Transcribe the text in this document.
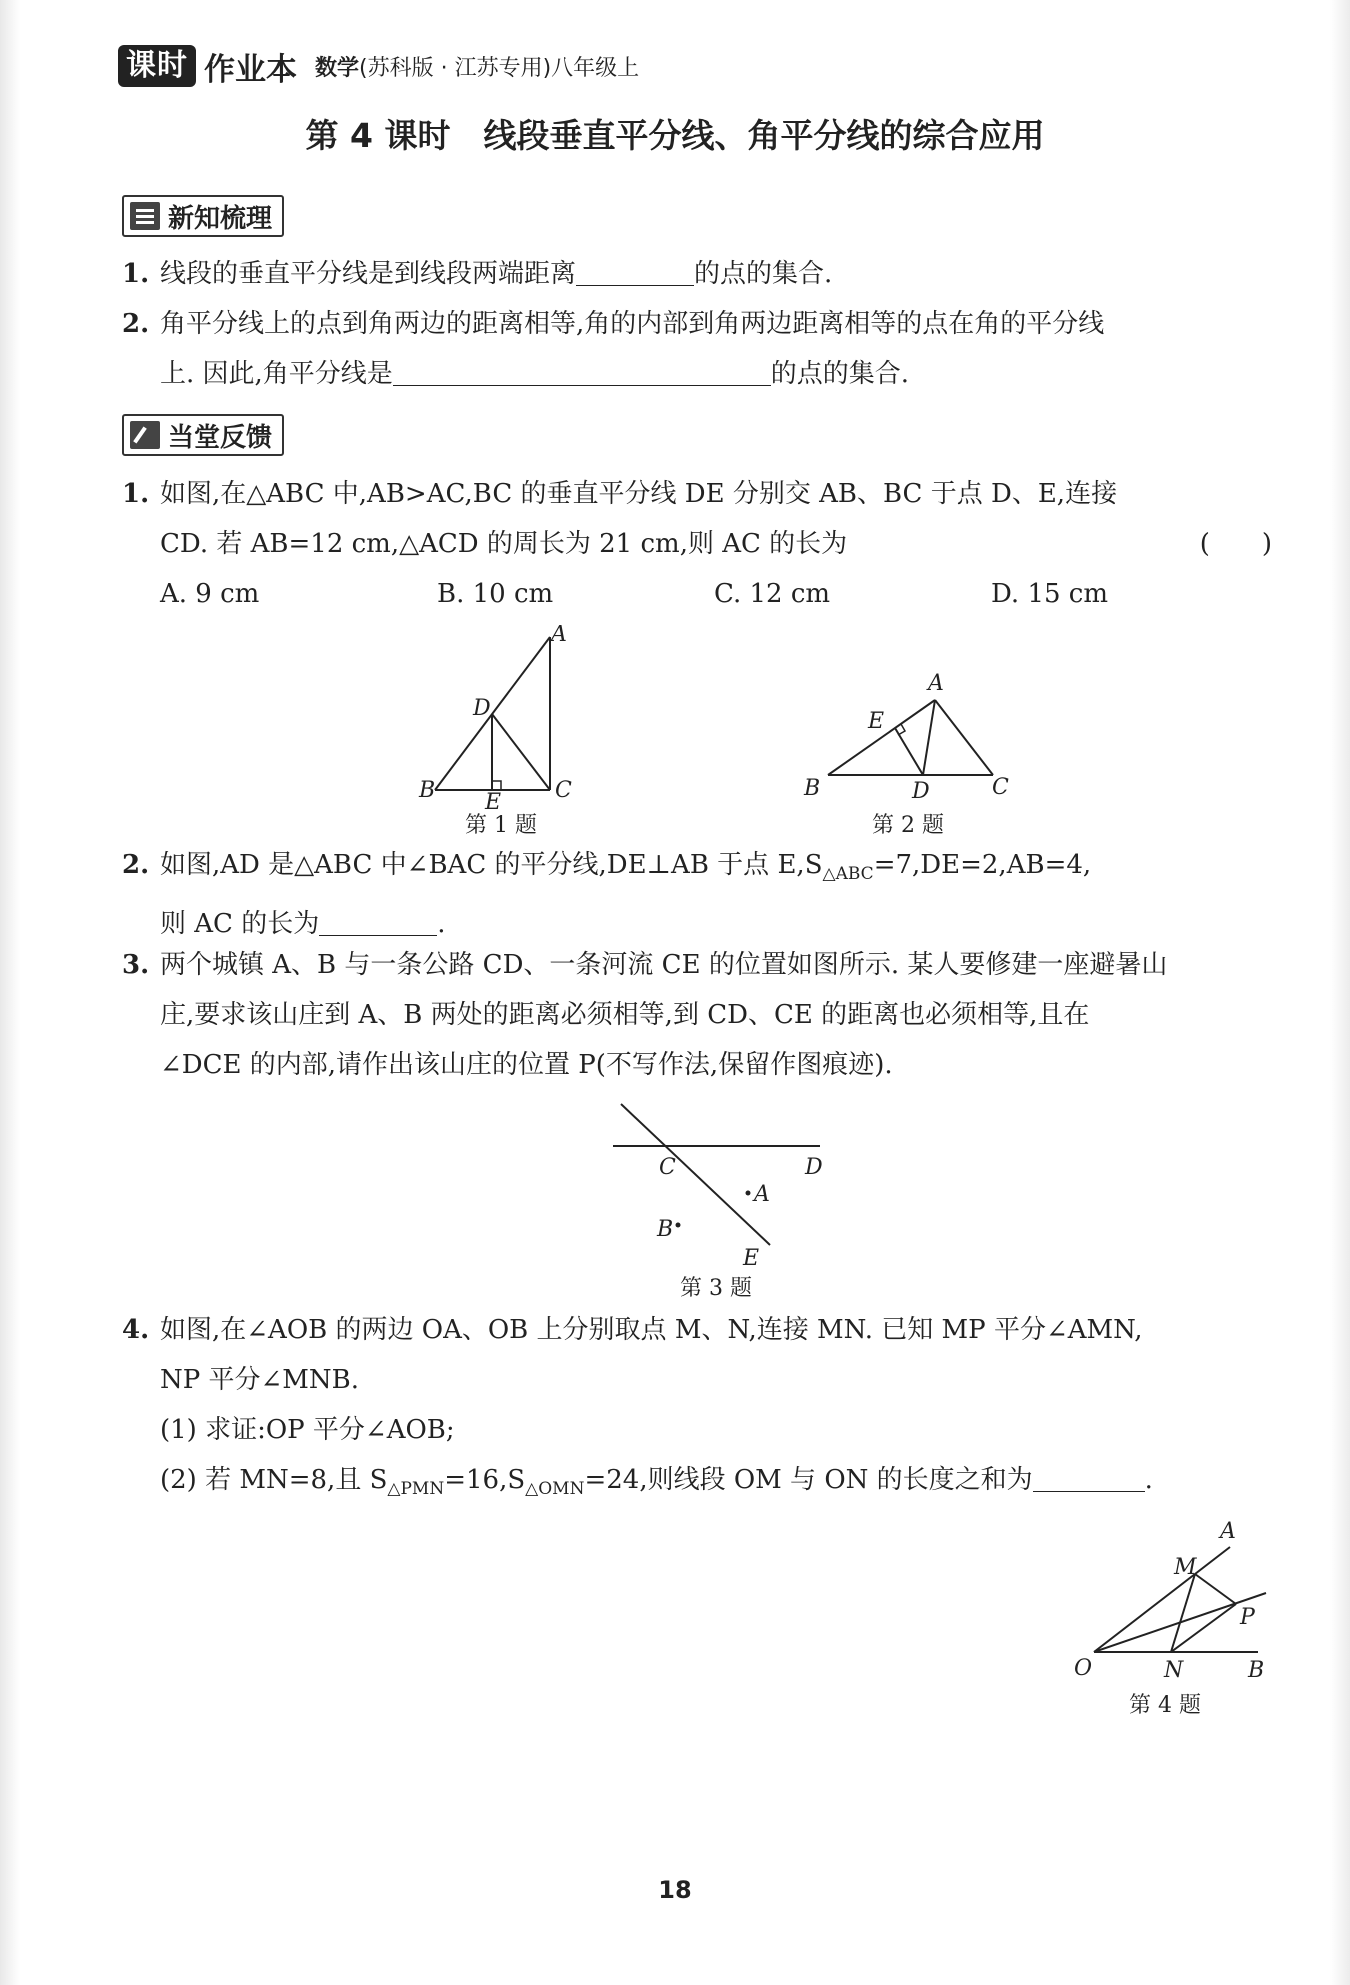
课时 作业本 数学 (苏科版 · 江苏专用)八年级上
第 4 课时　线段垂直平分线、角平分线的综合应用
新知梳理
1. 线段的垂直平分线是到线段两端距离	的点的集合.
2. 角平分线上的点到角两边的距离相等,角的内部到角两边距离相等的点在角的平分线
上. 因此,角平分线是	的点的集合.
当堂反馈
1. 如图,在△ABC 中,AB>AC,BC 的垂直平分线 DE 分别交 AB、BC 于点 D、E,连接
CD. 若 AB=12 cm,△ACD 的周长为 21 cm,则 AC 的长为	(　　)
A. 9 cm	B. 10 cm	C. 12 cm	D. 15 cm
A
D
B E C
第 1 题
A
E
B	D	C
第 2 题
2. 如图,AD 是△ABC 中∠BAC 的平分线,DE⊥AB 于点 $E,S_{\triangle ABC}=7,DE=2,AB=4$,
则 AC 的长为	.
3. 两个城镇 A、B 与一条公路 CD、一条河流 CE 的位置如图所示. 某人要修建一座避暑山
庄,要求该山庄到 A、B 两处的距离必须相等,到 CD、CE 的距离也必须相等,且在
∠DCE 的内部,请作出该山庄的位置 P(不写作法,保留作图痕迹).
C	D
A
B
E
第 3 题
4. 如图,在∠AOB 的两边 OA、OB 上分别取点 M、N,连接 MN. 已知 MP 平分∠AMN,
NP 平分∠MNB.
(1) 求证:OP 平分∠AOB;
(2) 若 MN=8,且 $S_{\triangle PMN}=16,S_{\triangle OMN}=24$,则线段 OM 与 ON 的长度之和为	.
A
M
P
O	N	B
第 4 题
18
